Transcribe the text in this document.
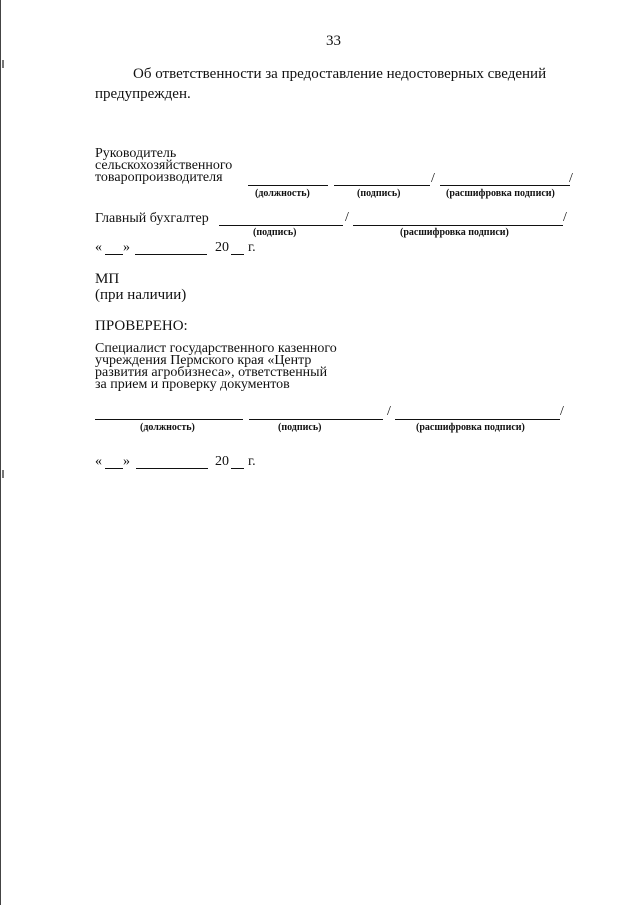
33
Об ответственности за предоставление недостоверных сведений
предупрежден.
Руководитель
сельскохозяйственного
товаропроизводителя	/	/
(должность)	(подпись)	(расшифровка подписи)
Главный бухгалтер	/	/
(подпись)	(расшифровка подписи)
« »	20 г.
МП
(при наличии)
ПРОВЕРЕНО:
Специалист государственного казенного
учреждения Пермского края «Центр
развития агробизнеса», ответственный
за прием и проверку документов
/	/
(должность)	(подпись)	(расшифровка подписи)
« »	20 г.
